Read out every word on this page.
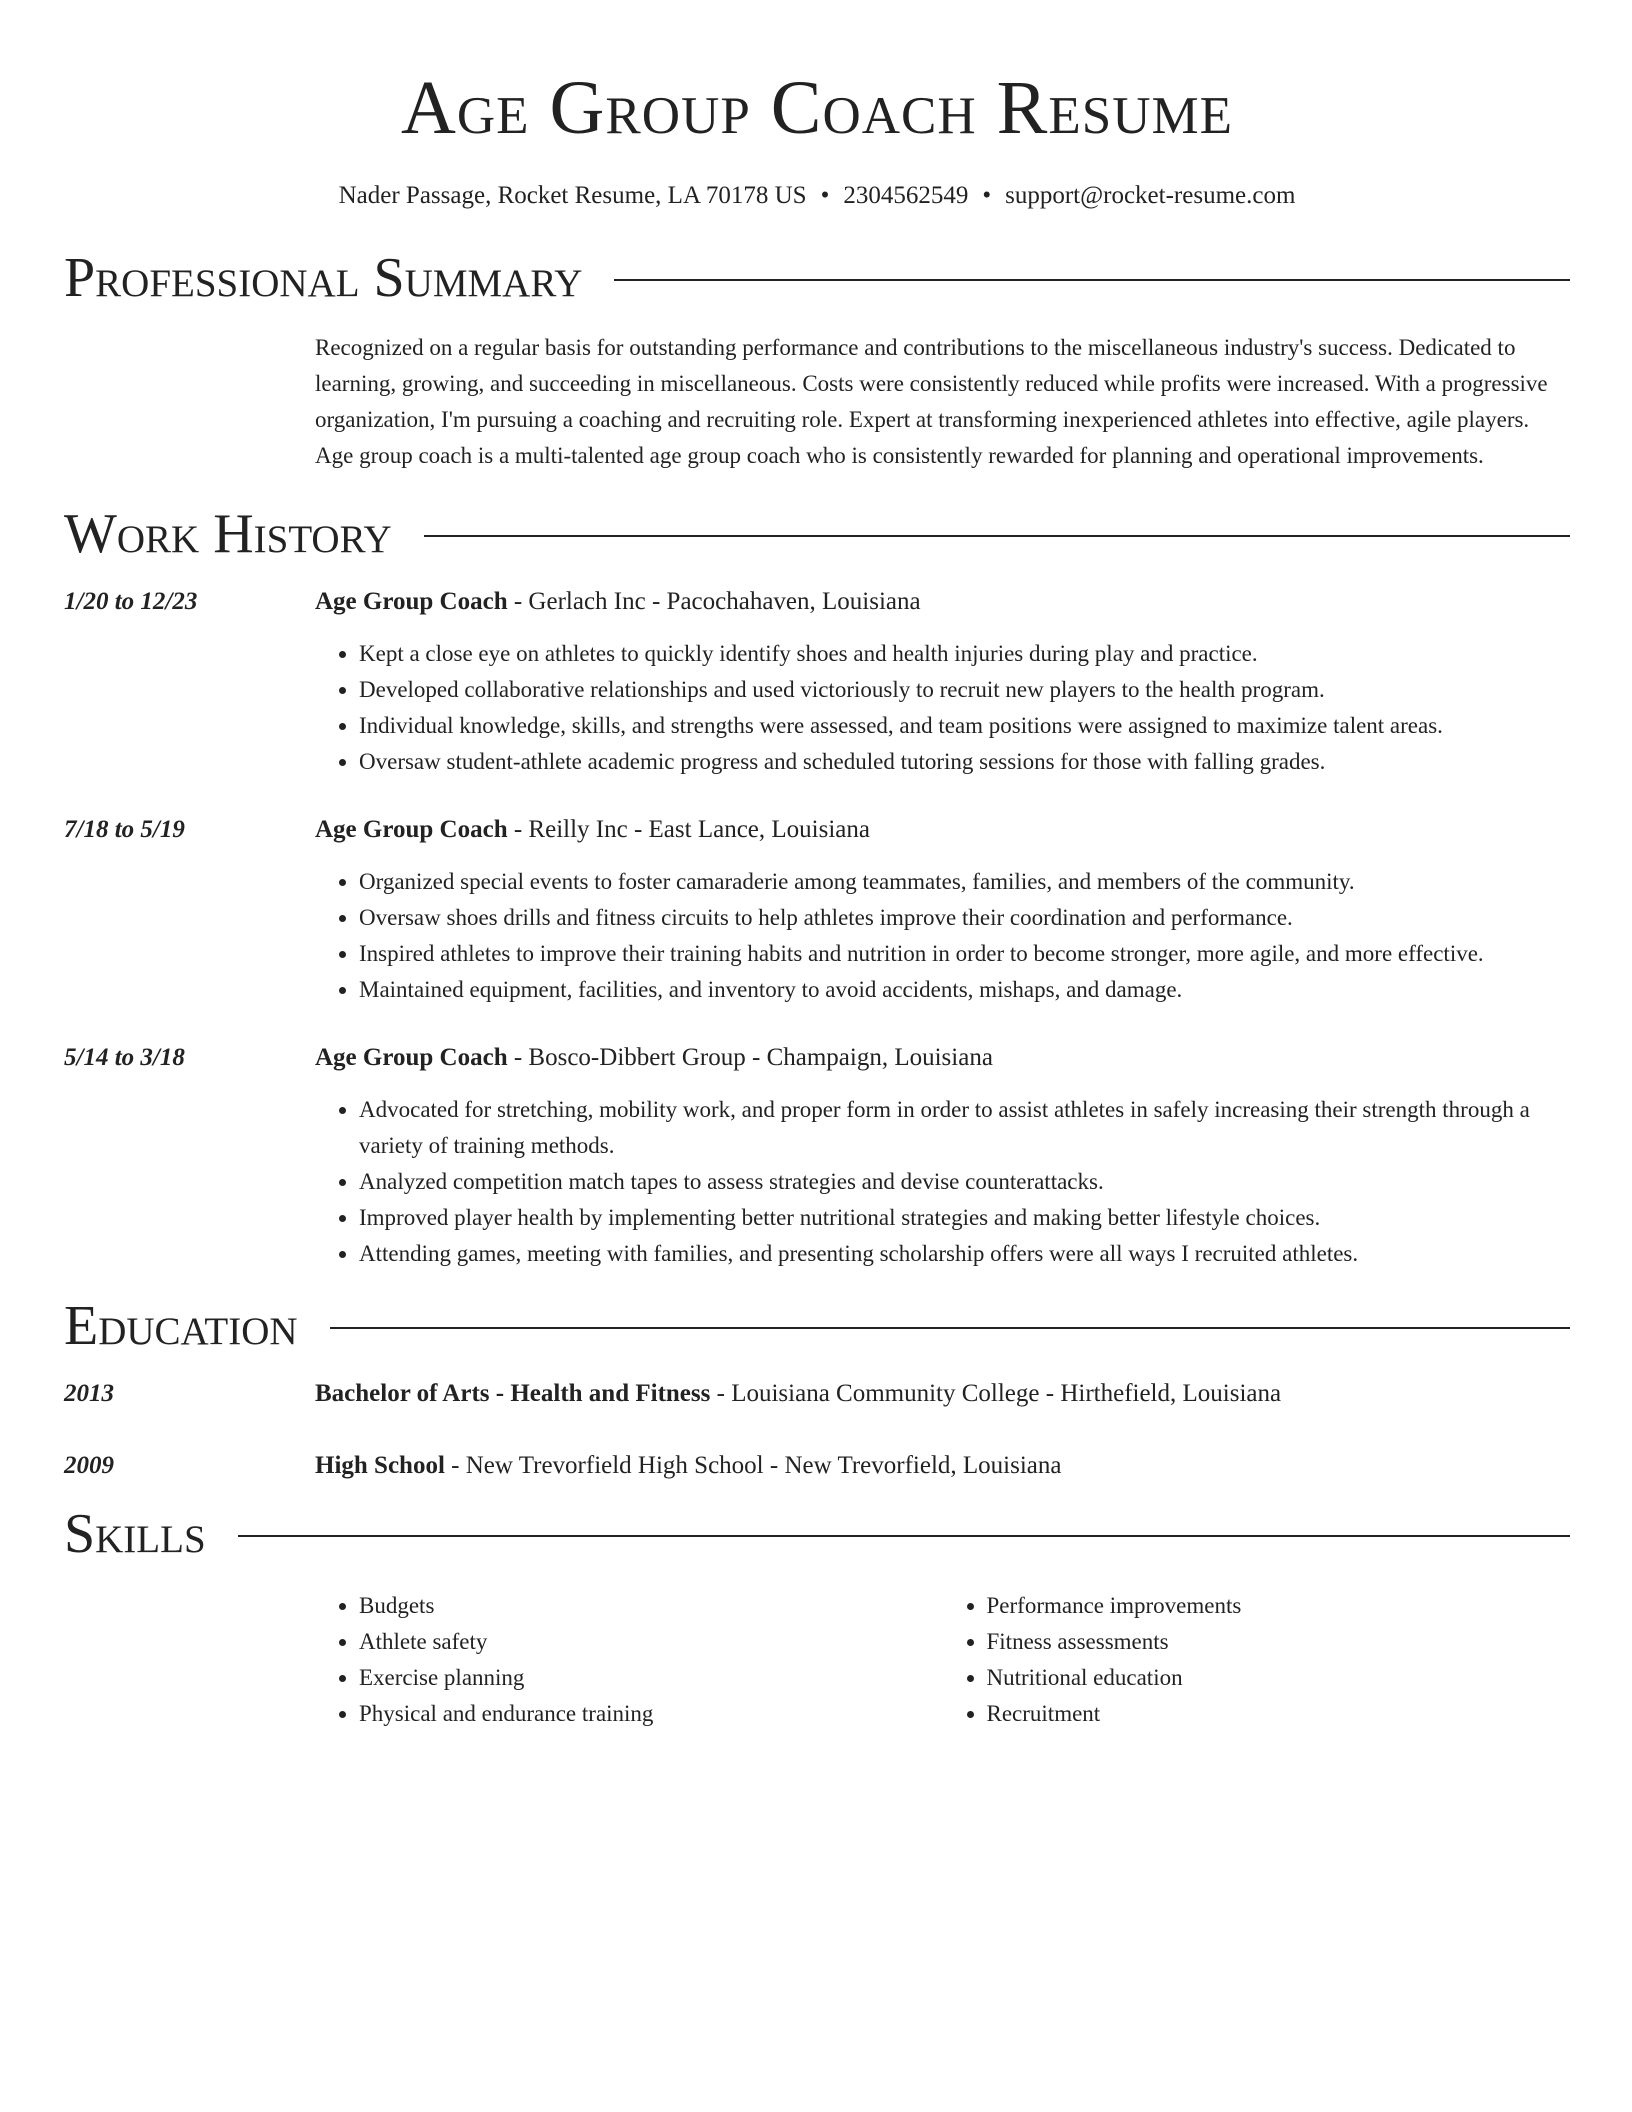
Age Group Coach Resume
Nader Passage, Rocket Resume, LA 70178 US • 2304562549 • support@rocket-resume.com
Professional Summary
Recognized on a regular basis for outstanding performance and contributions to the miscellaneous industry's success. Dedicated to learning, growing, and succeeding in miscellaneous. Costs were consistently reduced while profits were increased. With a progressive organization, I'm pursuing a coaching and recruiting role. Expert at transforming inexperienced athletes into effective, agile players. Age group coach is a multi-talented age group coach who is consistently rewarded for planning and operational improvements.
Work History
1/20 to 12/23	Age Group Coach - Gerlach Inc - Pacochahaven, Louisiana
• Kept a close eye on athletes to quickly identify shoes and health injuries during play and practice.
• Developed collaborative relationships and used victoriously to recruit new players to the health program.
• Individual knowledge, skills, and strengths were assessed, and team positions were assigned to maximize talent areas.
• Oversaw student-athlete academic progress and scheduled tutoring sessions for those with falling grades.
7/18 to 5/19	Age Group Coach - Reilly Inc - East Lance, Louisiana
• Organized special events to foster camaraderie among teammates, families, and members of the community.
• Oversaw shoes drills and fitness circuits to help athletes improve their coordination and performance.
• Inspired athletes to improve their training habits and nutrition in order to become stronger, more agile, and more effective.
• Maintained equipment, facilities, and inventory to avoid accidents, mishaps, and damage.
5/14 to 3/18	Age Group Coach - Bosco-Dibbert Group - Champaign, Louisiana
• Advocated for stretching, mobility work, and proper form in order to assist athletes in safely increasing their strength through a variety of training methods.
• Analyzed competition match tapes to assess strategies and devise counterattacks.
• Improved player health by implementing better nutritional strategies and making better lifestyle choices.
• Attending games, meeting with families, and presenting scholarship offers were all ways I recruited athletes.
Education
2013	Bachelor of Arts - Health and Fitness - Louisiana Community College - Hirthefield, Louisiana
2009	High School - New Trevorfield High School - New Trevorfield, Louisiana
Skills
• Budgets
• Athlete safety
• Exercise planning
• Physical and endurance training
• Performance improvements
• Fitness assessments
• Nutritional education
• Recruitment
